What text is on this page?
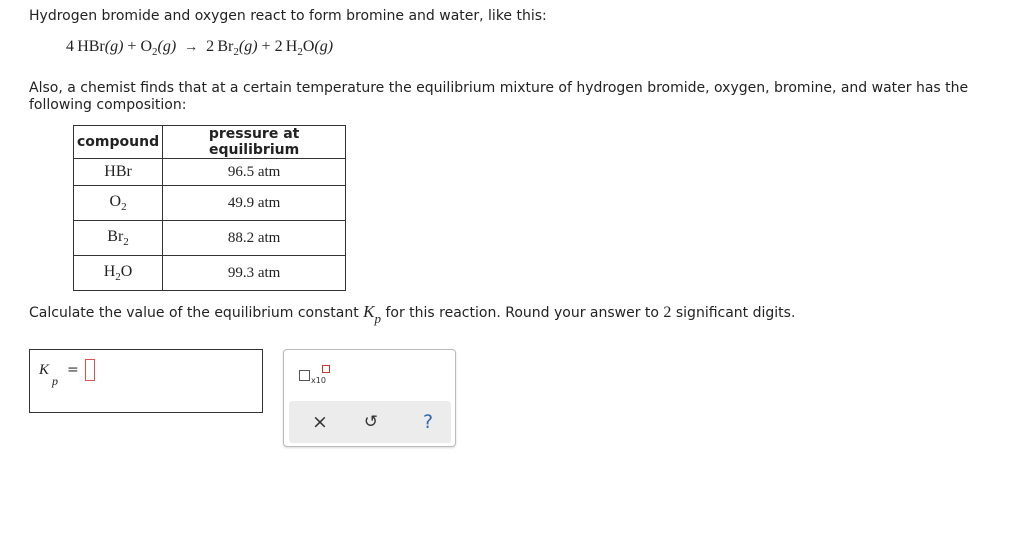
Hydrogen bromide and oxygen react to form bromine and water, like this:
4  $HBr(g) + O_2(g) \to 2$  $Br_2(g) + 2$  $H_2O(g)$
Also, a chemist finds that at a certain temperature the equilibrium mixture of hydrogen bromide, oxygen, bromine, and water has the following composition:
compound	pressure at equilibrium
HBr	96.5 atm
$O_2$	49.9 atm
$Br_2$	88.2 atm
$H_2O$	99.3 atm
Calculate the value of the equilibrium constant $K_p$ for this reaction. Round your answer to 2 significant digits.
K
p
=
x10
×	↺	?
